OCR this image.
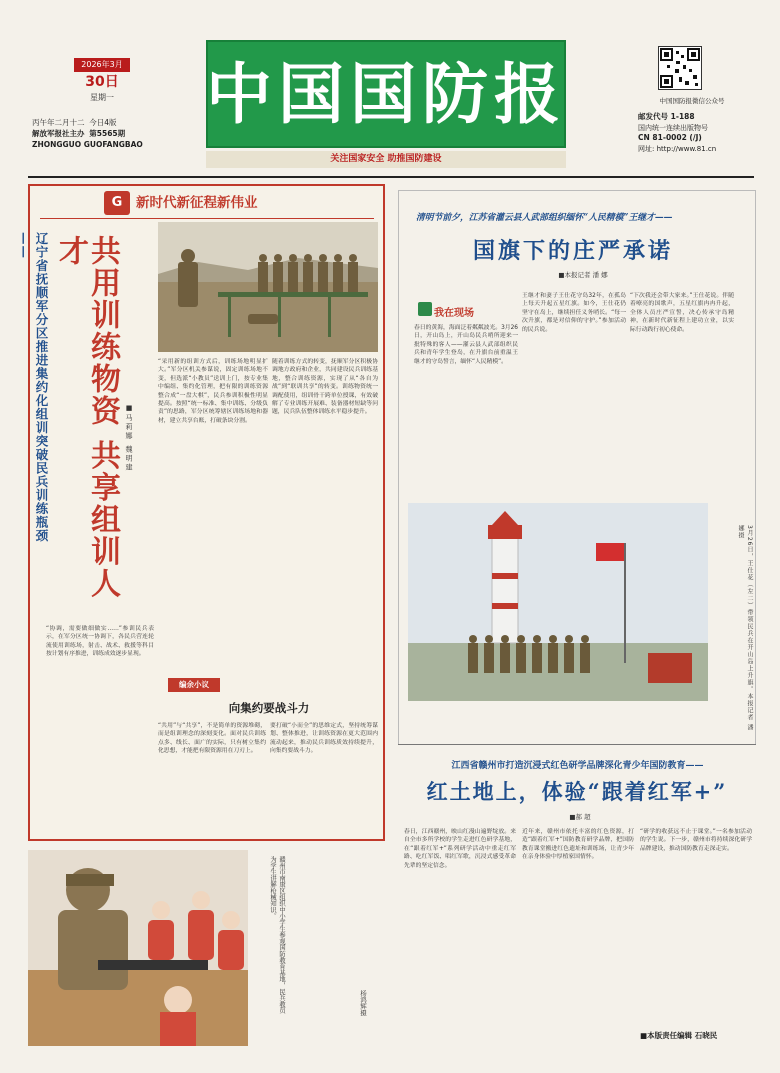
2026年3月
30日
星期一
丙午年二月十二 今日4版
解放军报社主办 第5565期
ZHONGGUO GUOFANGBAO
中国国防报
关注国家安全 助推国防建设
中国国防报微信公众号
邮发代号 1-188
国内统一连续出版物号
CN 81-0002 (/J)
网址: http://www.81.cn
G	新时代新征程新伟业
辽宁省抚顺军分区推进集约化组训突破民兵训练瓶颈——	共用训练物资 共享组训人才
■马莉娜 魏明建
“采用新的组训方式后，训练场地明显扩大。”军分区机关参谋说，固定训练场地不变，但选派“小教员”送训上门，按专业集中编组、集约化管理，把有限的训练资源整合成“一盘大棋”，民兵参训积极性明显提高。按照“统一标准、集中训练、分级负责”的思路，军分区统筹辖区训练场地和器材，建立共享台账，打破条块分割。
随着训练方式的转变，抚顺军分区积极协调地方政府和企业，共同建设民兵训练基地，整合训练资源，实现了从“各自为战”到“联训共享”的转变。训练物资统一调配使用，组训骨干跨单位授课，有效破解了专业训练开展难、装备器材短缺等问题，民兵队伍整体训练水平稳步提升。
“协调，需要做细做实……”参训民兵表示，在军分区统一协调下，各民兵营连轮流使用训练场，射击、战术、救援等科目按计划有序推进，训练成效逐步显现。
编余小议
向集约要战斗力
“共用”与“共享”，不是简单的资源堆砌，而是组训理念的深刻变化。面对民兵训练点多、线长、面广的实际，只有树立集约化思想，才能把有限资源用在刀刃上。
要打破“小而全”的思维定式，坚持统筹谋划、整体推进，让训练资源在更大范围内流动起来，推动民兵训练质效持续提升，向集约要战斗力。
清明节前夕，江苏省灌云县人武部组织缅怀“人民精模”王继才——
国旗下的庄严承诺
■本报记者 潘 娜
我在现场
春日的黄海，海面泛着粼粼波光。3月26日，开山岛上，开山岛民兵哨所迎来一批特殊的客人——灌云县人武部组织民兵和青年学生登岛，在升旗台前重温王继才的守岛誓言，缅怀“人民精模”。
王继才和妻子王仕花守岛32年，在孤岛上每天升起五星红旗。如今，王仕花仍坚守在岛上，继续担任义务哨长。“每一次升旗，都是对信仰的守护。”参加活动的民兵说。
“下次我还会带大家来。”王仕花说。伴随着嘹亮的国歌声，五星红旗冉冉升起，全体人员庄严宣誓，决心传承守岛精神，在新时代新征程上建功立业，以实际行动践行初心使命。
3月26日，王仕花（左二）带领民兵在开山岛上升旗。本报记者 潘 娜摄
江西省赣州市打造沉浸式红色研学品牌深化青少年国防教育——
红土地上，体验“跟着红军+”
■郝 超
春日，江西赣州，映山红漫山遍野绽放。来自全市多所学校的学生走进红色研学基地，在“跟着红军+”系列研学活动中重走红军路、吃红军饭、唱红军歌，沉浸式感受革命先辈的坚定信念。
近年来，赣州市依托丰富的红色资源，打造“跟着红军+”国防教育研学品牌，把国防教育课堂搬进红色遗址和训练场，让青少年在亲身体验中厚植家国情怀。
“研学的收获远不止于课堂。”一名参加活动的学生说。下一步，赣州市将持续深化研学品牌建设，推动国防教育走深走实。
■本版责任编辑 石晓民
赣州市南康区组织中小学生参观国防教育基地，民兵教员为学生讲解枪械知识。
杨鸿辉摄
